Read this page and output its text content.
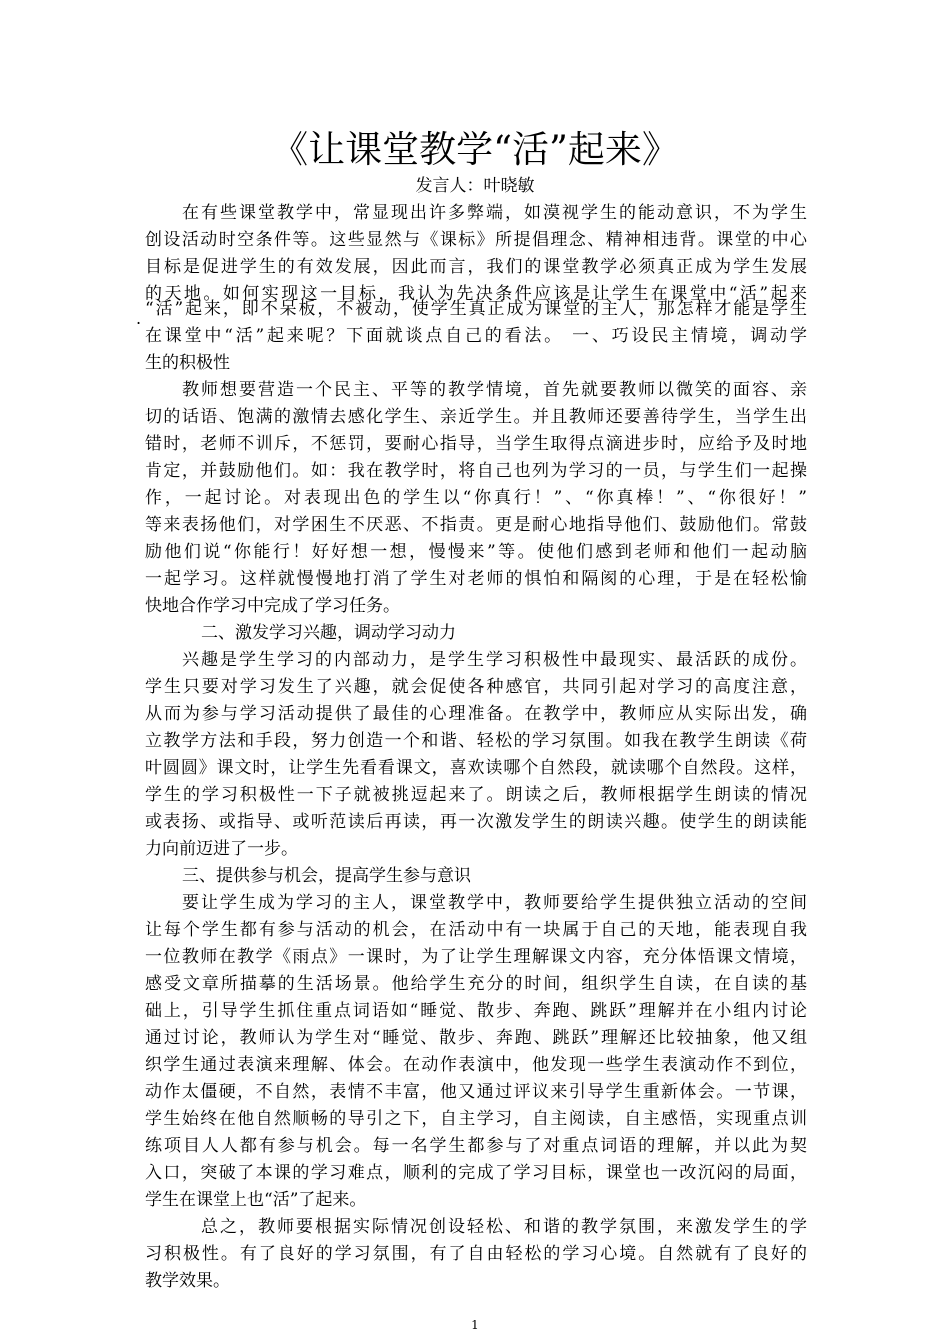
《让课堂教学“活”起来》
发言人：叶晓敏
.
在有些课堂教学中，常显现出许多弊端，如漠视学生的能动意识，不为学生
创设活动时空条件等。这些显然与《课标》所提倡理念、精神相违背。课堂的中心
目标是促进学生的有效发展，因此而言，我们的课堂教学必须真正成为学生发展
的天地。如何实现这一目标，我认为先决条件应该是让学生在课堂中“活”起来
“活”起来，即不呆板，不被动，使学生真正成为课堂的主人，那怎样才能是学生
在课堂中“活”起来呢？下面就谈点自己的看法。 一、巧设民主情境，调动学
生的积极性
教师想要营造一个民主、平等的教学情境，首先就要教师以微笑的面容、亲
切的话语、饱满的激情去感化学生、亲近学生。并且教师还要善待学生，当学生出
错时，老师不训斥，不惩罚，要耐心指导，当学生取得点滴进步时，应给予及时地
肯定，并鼓励他们。如：我在教学时，将自己也列为学习的一员，与学生们一起操
作，一起讨论。对表现出色的学生以“你真行！”、“你真棒！”、“你很好！”
等来表扬他们，对学困生不厌恶、不指责。更是耐心地指导他们、鼓励他们。常鼓
励他们说“你能行！好好想一想，慢慢来”等。使他们感到老师和他们一起动脑
一起学习。这样就慢慢地打消了学生对老师的惧怕和隔阂的心理，于是在轻松愉
快地合作学习中完成了学习任务。
二、激发学习兴趣，调动学习动力
兴趣是学生学习的内部动力，是学生学习积极性中最现实、最活跃的成份。
学生只要对学习发生了兴趣，就会促使各种感官，共同引起对学习的高度注意，
从而为参与学习活动提供了最佳的心理准备。在教学中，教师应从实际出发，确
立教学方法和手段，努力创造一个和谐、轻松的学习氛围。如我在教学生朗读《荷
叶圆圆》课文时，让学生先看看课文，喜欢读哪个自然段，就读哪个自然段。这样，
学生的学习积极性一下子就被挑逗起来了。朗读之后，教师根据学生朗读的情况
或表扬、或指导、或听范读后再读，再一次激发学生的朗读兴趣。使学生的朗读能
力向前迈进了一步。
三、提供参与机会，提高学生参与意识
要让学生成为学习的主人，课堂教学中，教师要给学生提供独立活动的空间
让每个学生都有参与活动的机会，在活动中有一块属于自己的天地，能表现自我
一位教师在教学《雨点》一课时，为了让学生理解课文内容，充分体悟课文情境，
感受文章所描摹的生活场景。他给学生充分的时间，组织学生自读，在自读的基
础上，引导学生抓住重点词语如“睡觉、散步、奔跑、跳跃”理解并在小组内讨论
通过讨论，教师认为学生对“睡觉、散步、奔跑、跳跃”理解还比较抽象，他又组
织学生通过表演来理解、体会。在动作表演中，他发现一些学生表演动作不到位，
动作太僵硬，不自然，表情不丰富，他又通过评议来引导学生重新体会。一节课，
学生始终在他自然顺畅的导引之下，自主学习，自主阅读，自主感悟，实现重点训
练项目人人都有参与机会。每一名学生都参与了对重点词语的理解，并以此为契
入口，突破了本课的学习难点，顺利的完成了学习目标，课堂也一改沉闷的局面，
学生在课堂上也“活”了起来。
总之，教师要根据实际情况创设轻松、和谐的教学氛围，来激发学生的学
习积极性。有了良好的学习氛围，有了自由轻松的学习心境。自然就有了良好的
教学效果。
1
